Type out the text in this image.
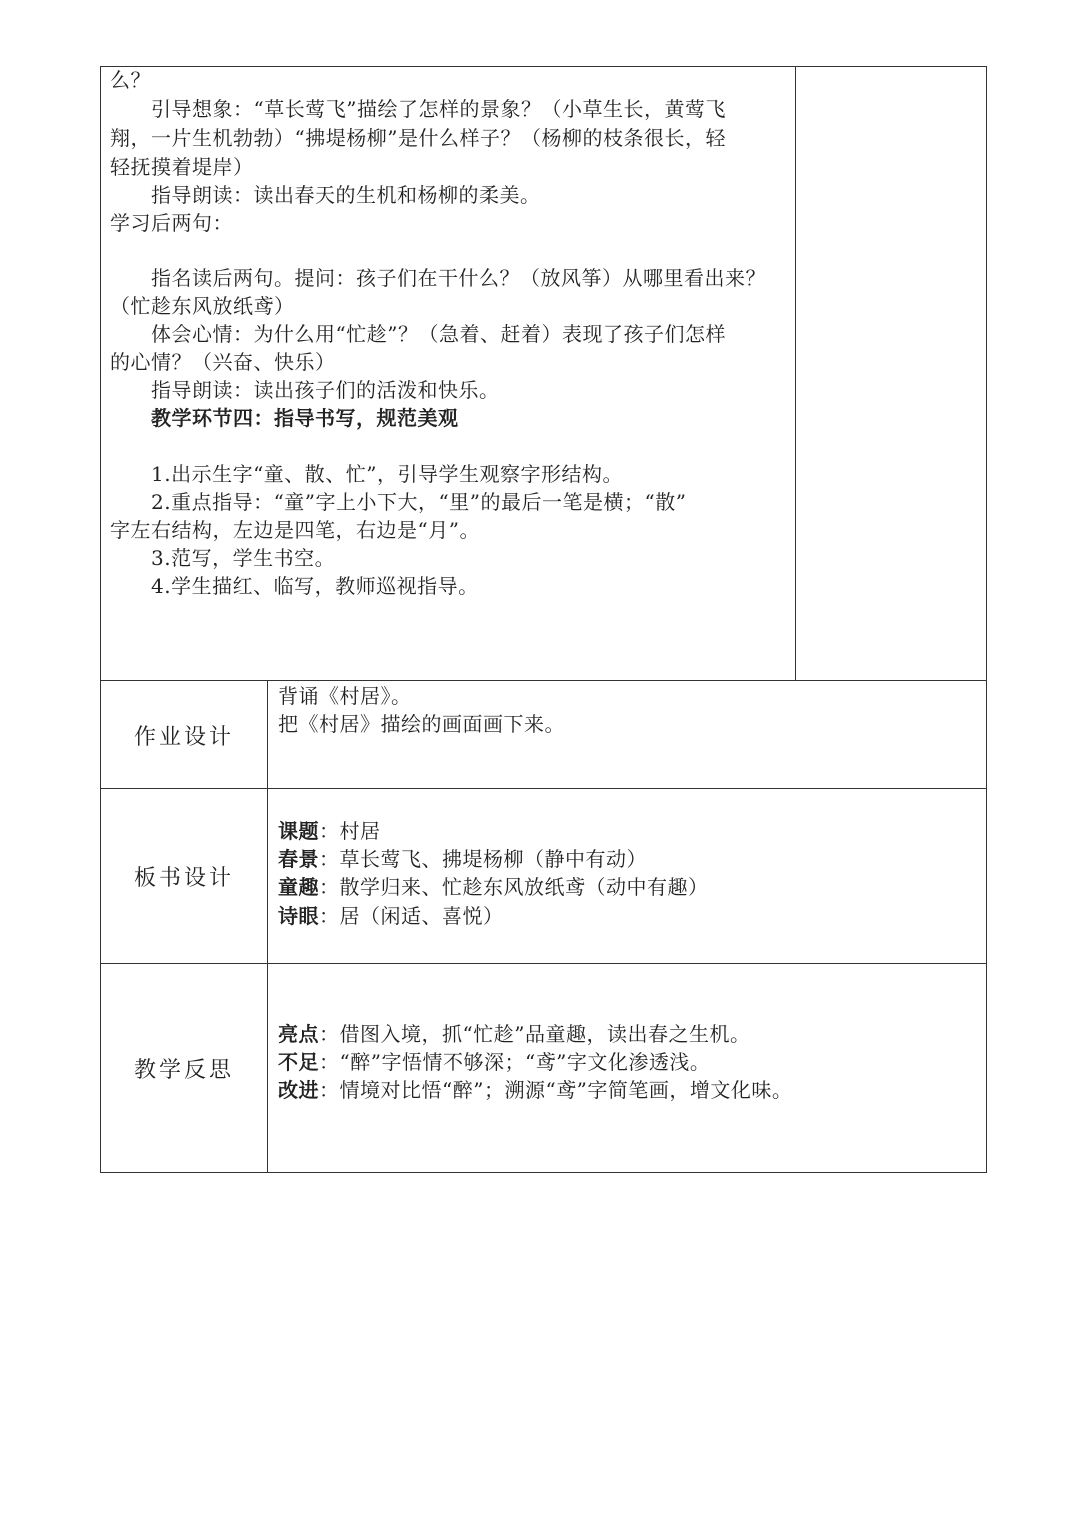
么？
　　引导想象：“草长莺飞”描绘了怎样的景象？（小草生长，黄莺飞
翔，一片生机勃勃）“拂堤杨柳”是什么样子？（杨柳的枝条很长，轻
轻抚摸着堤岸）
　　指导朗读：读出春天的生机和杨柳的柔美。
学习后两句：
　　指名读后两句。提问：孩子们在干什么？（放风筝）从哪里看出来？
（忙趁东风放纸鸢）
　　体会心情：为什么用“忙趁”？（急着、赶着）表现了孩子们怎样
的心情？（兴奋、快乐）
　　指导朗读：读出孩子们的活泼和快乐。
　　教学环节四：指导书写，规范美观
　　1.出示生字“童、散、忙”，引导学生观察字形结构。
　　2.重点指导：“童”字上小下大，“里”的最后一笔是横；“散”
字左右结构，左边是四笔，右边是“月”。
　　3.范写，学生书空。
　　4.学生描红、临写，教师巡视指导。
作业设计
背诵《村居》。
把《村居》描绘的画面画下来。
板书设计
课题：村居
春景：草长莺飞、拂堤杨柳（静中有动）
童趣：散学归来、忙趁东风放纸鸢（动中有趣）
诗眼：居（闲适、喜悦）
教学反思
亮点：借图入境，抓“忙趁”品童趣，读出春之生机。
不足：“醉”字悟情不够深；“鸢”字文化渗透浅。
改进：情境对比悟“醉”；溯源“鸢”字简笔画，增文化味。
